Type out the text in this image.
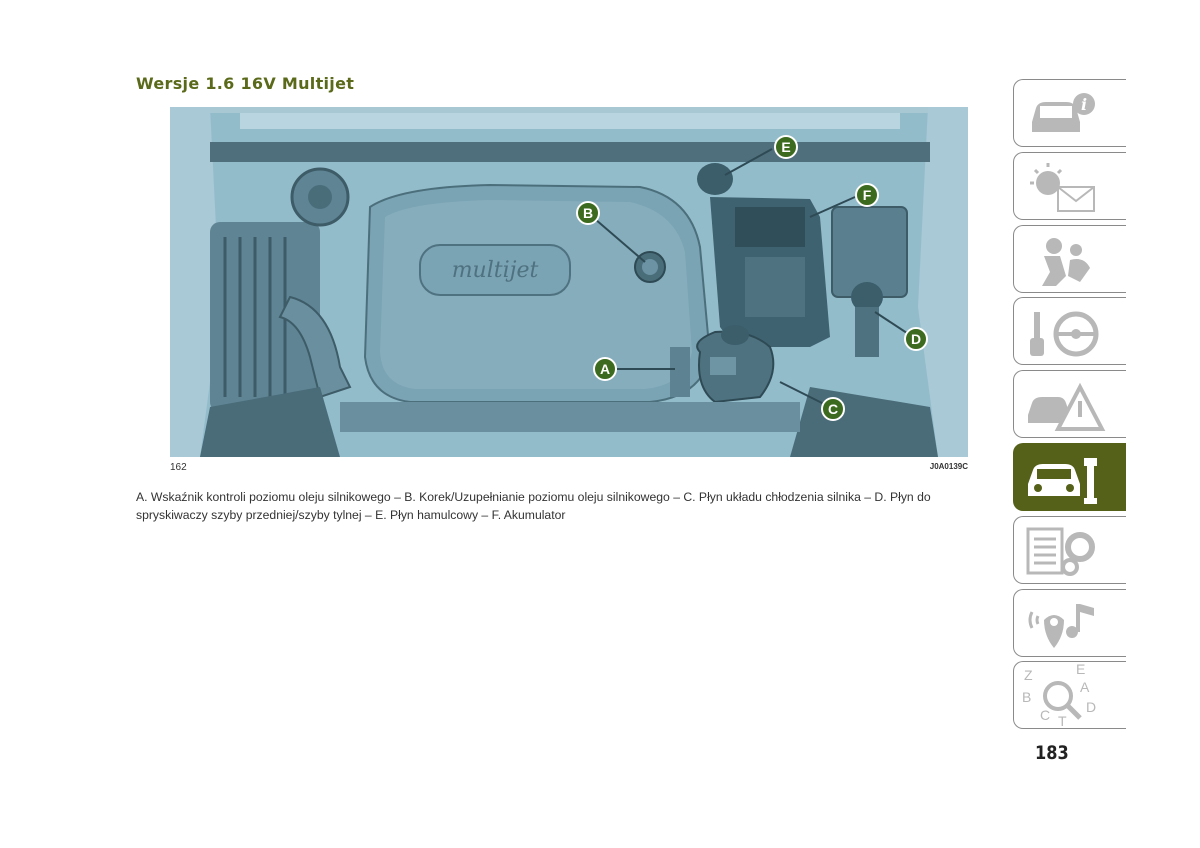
Wersje 1.6 16V Multijet
multijet
A
B
C
D
E
F
162	J0A0139C

A. Wskaźnik kontroli poziomu oleju silnikowego – B. Korek/Uzupełnianie poziomu oleju silnikowego – C. Płyn układu chłodzenia silnika – D. Płyn do spryskiwaczy szyby przedniej/szyby tylnej – E. Płyn hamulcowy – F. Akumulator

i
Z	E
B
A
C T
D
183
